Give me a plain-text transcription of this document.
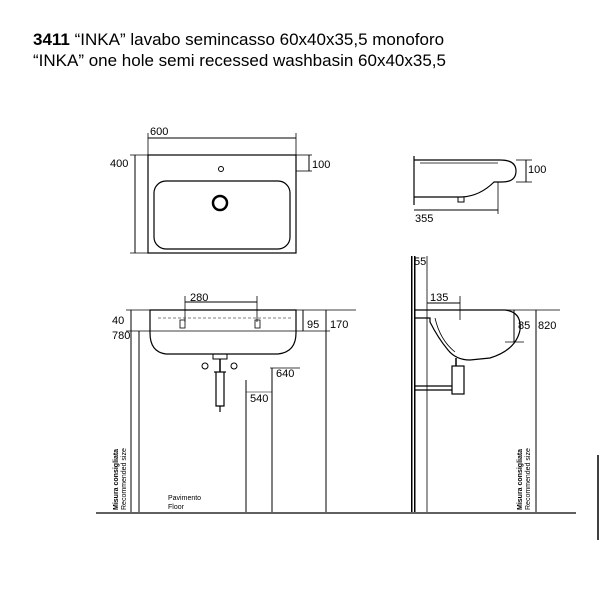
3411 “INKA” lavabo semincasso 60x40x35,5 monoforo
“INKA” one hole semi recessed washbasin 60x40x35,5
600
400	100
355
100
280
40
780
95 170
640
540
Misura consigliata Recommended size	Pavimento
Floor
55
135
85 820
Misura consigliata Recommended size
